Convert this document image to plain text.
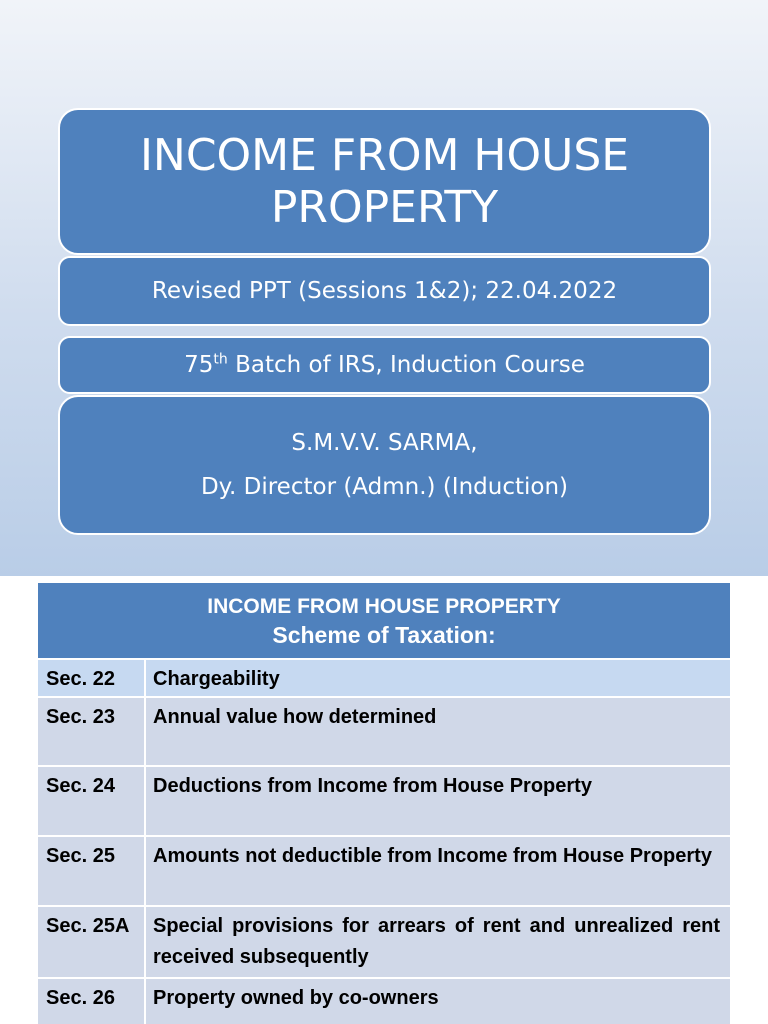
INCOME FROM HOUSE
PROPERTY
Revised PPT (Sessions 1&2); 22.04.2022
75th Batch of IRS, Induction Course
S.M.V.V. SARMA,
Dy. Director (Admn.) (Induction)
INCOME FROM HOUSE PROPERTY
Scheme of Taxation:
Sec. 22	Chargeability
Sec. 23	Annual value how determined
Sec. 24	Deductions from Income from House Property
Sec. 25	Amounts not deductible from Income from House Property
Sec. 25A	Special provisions for arrears of rent and unrealized rent received subsequently
Sec. 26	Property owned by co-owners
